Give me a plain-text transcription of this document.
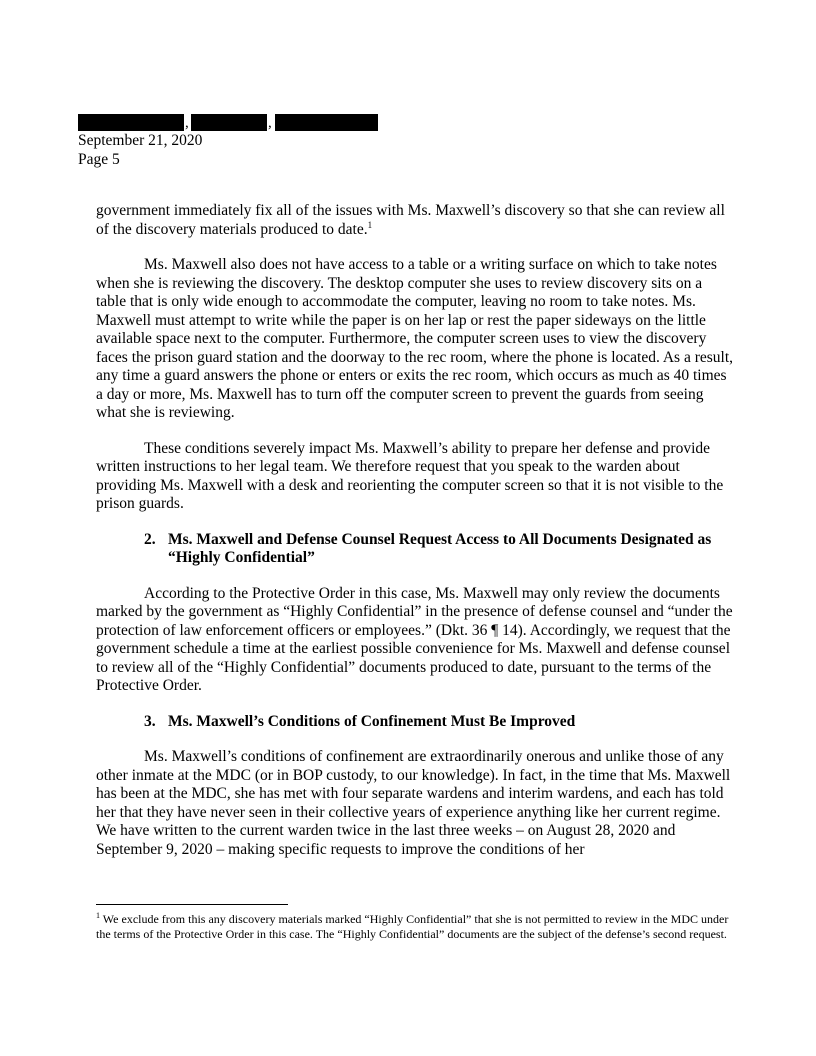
,	,
September 21, 2020
Page 5

government immediately fix all of the issues with Ms. Maxwell’s discovery so that she can review all of the discovery materials produced to date.$^1$

Ms. Maxwell also does not have access to a table or a writing surface on which to take notes when she is reviewing the discovery. The desktop computer she uses to review discovery sits on a table that is only wide enough to accommodate the computer, leaving no room to take notes. Ms. Maxwell must attempt to write while the paper is on her lap or rest the paper sideways on the little available space next to the computer. Furthermore, the computer screen uses to view the discovery faces the prison guard station and the doorway to the rec room, where the phone is located. As a result, any time a guard answers the phone or enters or exits the rec room, which occurs as much as 40 times a day or more, Ms. Maxwell has to turn off the computer screen to prevent the guards from seeing what she is reviewing.

These conditions severely impact Ms. Maxwell’s ability to prepare her defense and provide written instructions to her legal team. We therefore request that you speak to the warden about providing Ms. Maxwell with a desk and reorienting the computer screen so that it is not visible to the prison guards.

2. Ms. Maxwell and Defense Counsel Request Access to All Documents Designated as “Highly Confidential”

According to the Protective Order in this case, Ms. Maxwell may only review the documents marked by the government as “Highly Confidential” in the presence of defense counsel and “under the protection of law enforcement officers or employees.” (Dkt. 36 ¶ 14). Accordingly, we request that the government schedule a time at the earliest possible convenience for Ms. Maxwell and defense counsel to review all of the “Highly Confidential” documents produced to date, pursuant to the terms of the Protective Order.

3. Ms. Maxwell’s Conditions of Confinement Must Be Improved

Ms. Maxwell’s conditions of confinement are extraordinarily onerous and unlike those of any other inmate at the MDC (or in BOP custody, to our knowledge). In fact, in the time that Ms. Maxwell has been at the MDC, she has met with four separate wardens and interim wardens, and each has told her that they have never seen in their collective years of experience anything like her current regime. We have written to the current warden twice in the last three weeks – on August 28, 2020 and September 9, 2020 – making specific requests to improve the conditions of her

$^1$ We exclude from this any discovery materials marked “Highly Confidential” that she is not permitted to review in the MDC under the terms of the Protective Order in this case. The “Highly Confidential” documents are the subject of the defense’s second request.
